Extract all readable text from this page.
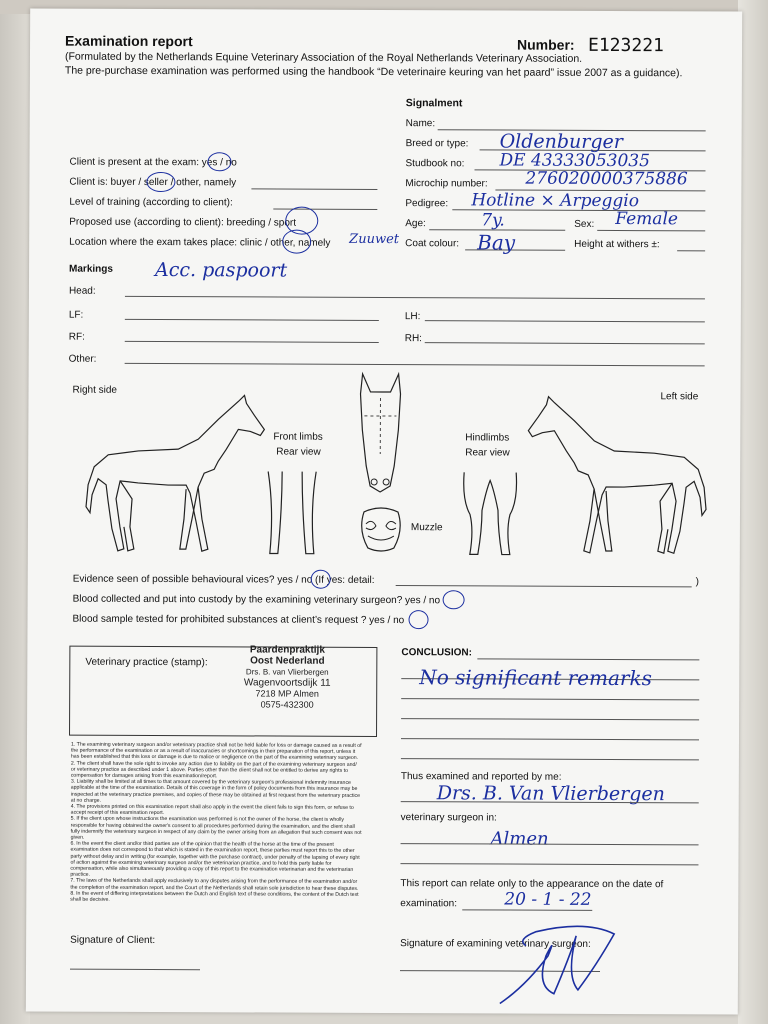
Examination report	Number: E123221
(Formulated by the Netherlands Equine Veterinary Association of the Royal Netherlands Veterinary Association.
The pre-purchase examination was performed using the handbook “De veterinaire keuring van het paard” issue 2007 as a guidance).
Signalment
Name:
Breed or type: Oldenburger
Studbook no: DE 43333053035
Microchip number: 276020000375886
Pedigree: Hotline × Arpeggio
Age:	7y.	Sex: Female
Coat colour: Bay	Height at withers ±:
Client is present at the exam: yes / no
Client is: buyer / seller / other, namely
Level of training (according to client):
Proposed use (according to client): breeding / sport
Location where the exam takes place: clinic / other, namely Zuuwet
Markings Acc. paspoort
Head:
LF:	LH:
RF:	RH:
Other:
Right side
Left side
Front limbs
Rear view
Hindlimbs
Rear view
Muzzle
Evidence seen of possible behavioural vices? yes / no (If yes: detail:	)
Blood collected and put into custody by the examining veterinary surgeon? yes / no
Blood sample tested for prohibited substances at client’s request ? yes / no
Veterinary practice (stamp):
Paardenpraktijk
Oost Nederland
Drs. B. van Vlierbergen
Wagenvoortsdijk 11
7218 MP Almen
0575-432300
CONCLUSION:
No significant remarks

1. The examining veterinary surgeon and/or veterinary practice shall not be held liable for loss or damage caused as a result of the performance of the examination or as a result of inaccuracies or shortcomings in their preparation of this report, unless it has been established that this loss or damage is due to malice or negligence on the part of the examining veterinary surgeon.

2. The client shall have the sole right to invoke any action due to liability on the part of the examining veterinary surgeon and/ or veterinary practice as described under 1 above. Parties other than the client shall not be entitled to derive any rights to compensation for damages arising from this examination/report.

3. Liability shall be limited at all times to that amount covered by the veterinary surgeon's professional indemnity insurance applicable at the time of the examination. Details of this coverage in the form of policy documents from this insurance may be inspected at the veterinary practice premises, and copies of these may be obtained at first request from the veterinary practice at no charge.

4. The provisions printed on this examination report shall also apply in the event the client fails to sign this form, or refuse to accept receipt of this examination report.

5. If the client upon whose instructions the examination was performed is not the owner of the horse, the client is wholly responsible for having obtained the owner's consent to all procedures performed during the examination, and the client shall fully indemnify the veterinary surgeon in respect of any claim by the owner arising from an allegation that such consent was not given.

6. In the event the client and/or third parties are of the opinion that the health of the horse at the time of the present examination does not correspond to that which is stated in the examination report, these parties must report this to the other party without delay and in writing (for example, together with the purchase contract), under penalty of the lapsing of every right of action against the examining veterinary surgeon and/or the veterinarian practice, and to hold this party liable for compensation, while also simultaneously providing a copy of this report to the examination veterinarian and the veterinarian practice.

7. The laws of the Netherlands shall apply exclusively to any disputes arising from the performance of the examination and/or the completion of the examination report, and the Court of the Netherlands shall retain sole jurisdiction to hear these disputes.

8. In the event of differing interpretations between the Dutch and English text of these conditions, the content of the Dutch text shall be decisive.

Thus examined and reported by me:
Drs. B. Van Vlierbergen
veterinary surgeon in:
Almen
This report can relate only to the appearance on the date of
examination:	20 - 1 - 22
Signature of Client:	Signature of examining veterinary surgeon:
